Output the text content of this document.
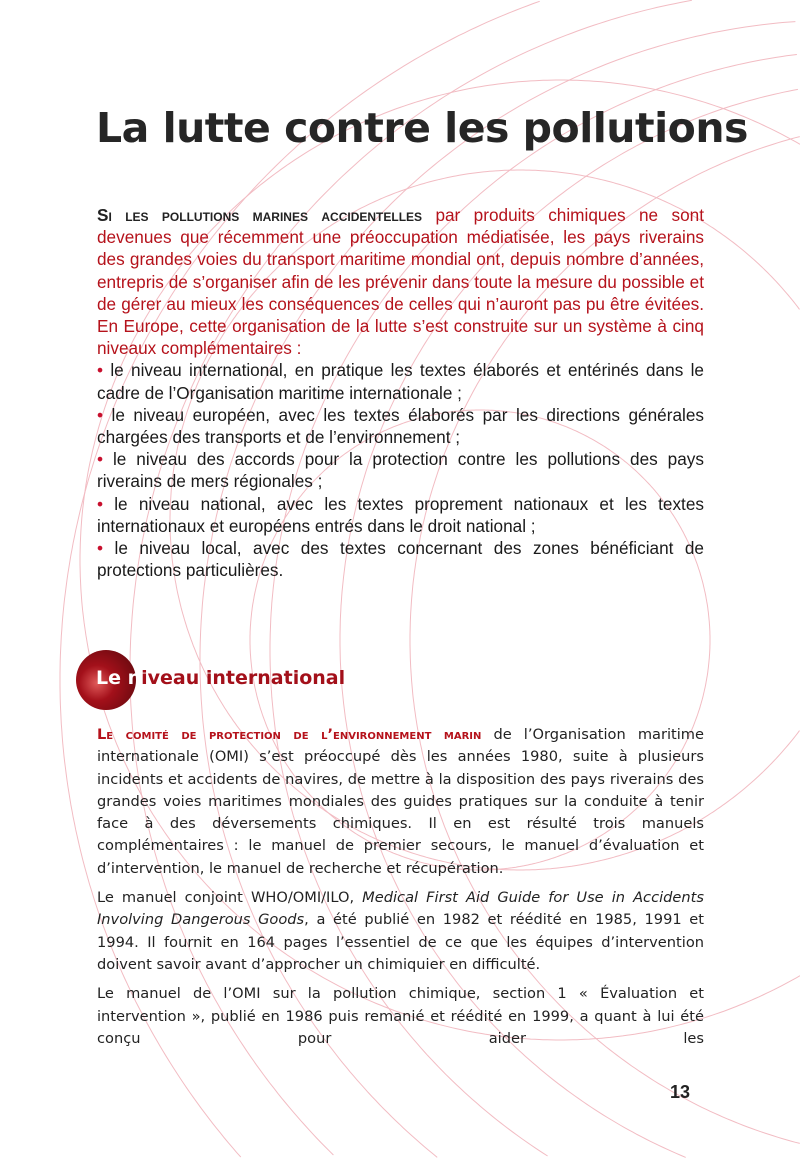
La lutte contre les pollutions
Si les pollutions marines accidentelles par produits chimiques ne sont devenues que récemment une préoccupation médiatisée, les pays riverains des grandes voies du transport maritime mondial ont, depuis nombre d’années, entrepris de s’organiser afin de les prévenir dans toute la mesure du possible et de gérer au mieux les conséquences de celles qui n’auront pas pu être évitées. En Europe, cette organisation de la lutte s’est construite sur un système à cinq niveaux complémentaires :
• le niveau international, en pratique les textes élaborés et entérinés dans le cadre de l’Organisation maritime internationale ;
• le niveau européen, avec les textes élaborés par les directions générales chargées des transports et de l’environnement ;
• le niveau des accords pour la protection contre les pollutions des pays riverains de mers régionales ;
• le niveau national, avec les textes proprement nationaux et les textes internationaux et européens entrés dans le droit national ;
• le niveau local, avec des textes concernant des zones bénéficiant de protections particulières.
Le niveau international

Le comité de protection de l’environnement marin de l’Organisation maritime internationale (OMI) s’est préoccupé dès les années 1980, suite à plusieurs incidents et accidents de navires, de mettre à la disposition des pays riverains des grandes voies maritimes mondiales des guides pratiques sur la conduite à tenir face à des déversements chimiques. Il en est résulté trois manuels complémentaires : le manuel de premier secours, le manuel d’évaluation et d’intervention, le manuel de recherche et récupération.

Le manuel conjoint WHO/OMI/ILO, Medical First Aid Guide for Use in Accidents Involving Dangerous Goods, a été publié en 1982 et réédité en 1985, 1991 et 1994. Il fournit en 164 pages l’essentiel de ce que les équipes d’intervention doivent savoir avant d’approcher un chimiquier en difficulté.

Le manuel de l’OMI sur la pollution chimique, section 1 « Évaluation et intervention », publié en 1986 puis remanié et réédité en 1999, a quant à lui été conçu pour aider les

13
